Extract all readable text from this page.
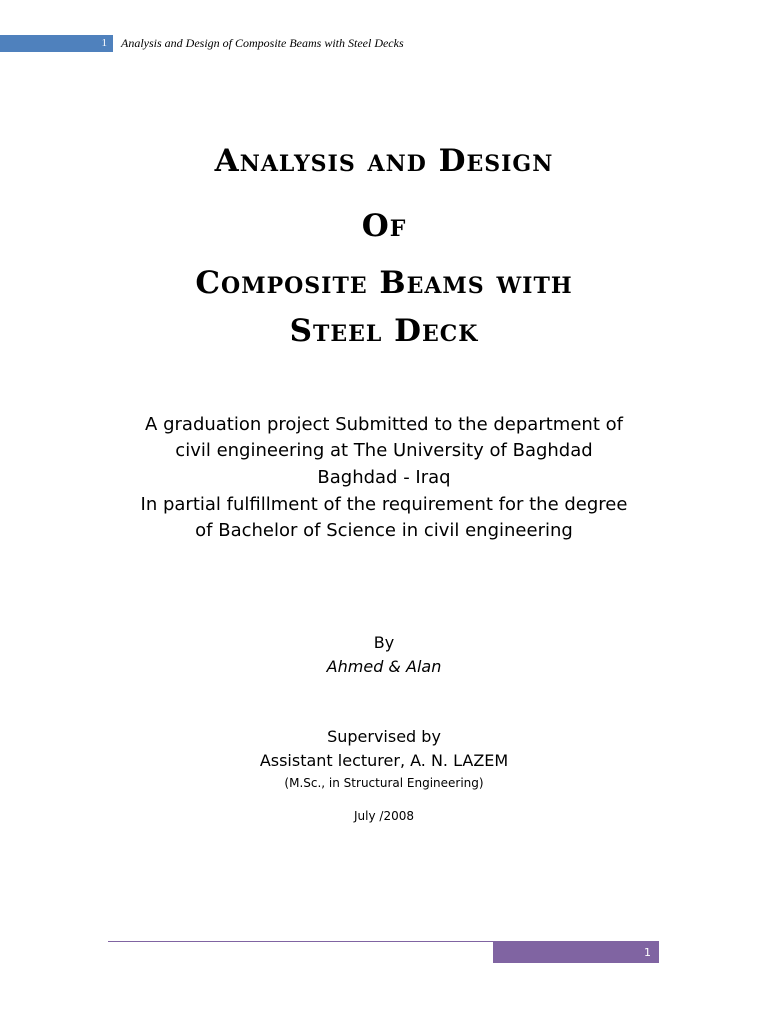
1	Analysis and Design of Composite Beams with Steel Decks
Analysis and Design
Of
Composite Beams with
Steel Deck
A graduation project Submitted to the department of
civil engineering at The University of Baghdad
Baghdad - Iraq
In partial fulfillment of the requirement for the degree
of Bachelor of Science in civil engineering
By
Ahmed & Alan
Supervised by
Assistant lecturer, A. N. LAZEM
(M.Sc., in Structural Engineering)
July /2008
1
